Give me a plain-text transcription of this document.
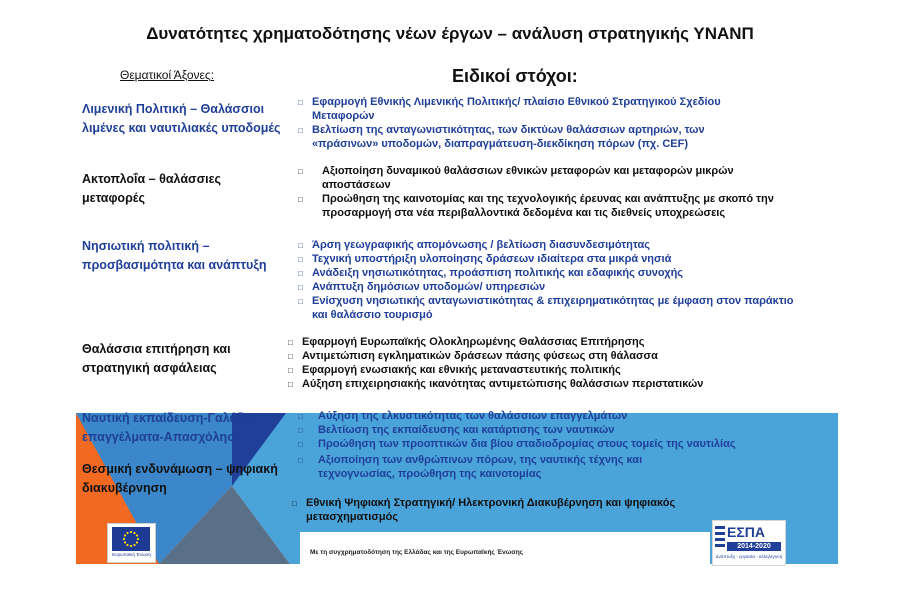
Δυνατότητες χρηματοδότησης νέων έργων – ανάλυση στρατηγικής ΥΝΑΝΠ
Θεματικοί Άξονες:	Ειδικοί στόχοι:
Λιμενική Πολιτική – Θαλάσσιοι λιμένες και ναυτιλιακές υποδομές
Ακτοπλοΐα – θαλάσσιες μεταφορές
Νησιωτική πολιτική – προσβασιμότητα και ανάπτυξη
Θαλάσσια επιτήρηση και στρατηγική ασφάλειας
Ναυτική εκπαίδευση-Γαλάζια επαγγέλματα-Απασχόληση
Θεσμική ενδυνάμωση – ψηφιακή διακυβέρνηση
□
Εφαρμογή Εθνικής Λιμενικής Πολιτικής/ πλαίσιο Εθνικού Στρατηγικού Σχεδίου Μεταφορών
□
Βελτίωση της ανταγωνιστικότητας, των δικτύων θαλάσσιων αρτηριών, των «πράσινων» υποδομών, διαπραγμάτευση-διεκδίκηση πόρων (πχ. CEF)
□
Αξιοποίηση δυναμικού θαλάσσιων εθνικών μεταφορών και μεταφορών μικρών αποστάσεων
□
Προώθηση της καινοτομίας και της τεχνολογικής έρευνας και ανάπτυξης με σκοπό την προσαρμογή στα νέα περιβαλλοντικά δεδομένα και τις διεθνείς υποχρεώσεις
□
Άρση γεωγραφικής απομόνωσης / βελτίωση διασυνδεσιμότητας
□
Τεχνική υποστήριξη υλοποίησης δράσεων ιδιαίτερα στα μικρά νησιά
□
Ανάδειξη νησιωτικότητας, προάσπιση πολιτικής και εδαφικής συνοχής
□
Ανάπτυξη δημόσιων υποδομών/ υπηρεσιών
□
Ενίσχυση νησιωτικής ανταγωνιστικότητας & επιχειρηματικότητας με έμφαση στον παράκτιο και θαλάσσιο τουρισμό
□
Εφαρμογή Ευρωπαϊκής Ολοκληρωμένης Θαλάσσιας Επιτήρησης
□
Αντιμετώπιση εγκληματικών δράσεων πάσης φύσεως στη θάλασσα
□
Εφαρμογή ενωσιακής και εθνικής μεταναστευτικής πολιτικής
□
Αύξηση επιχειρησιακής ικανότητας αντιμετώπισης θαλάσσιων περιστατικών
□
Αύξηση της ελκυστικότητας των θαλάσσιων επαγγελμάτων
□
Βελτίωση της εκπαίδευσης και κατάρτισης των ναυτικών
□
Προώθηση των προοπτικών δια βίου σταδιοδρομίας στους τομείς της ναυτιλίας
□
Αξιοποίηση των ανθρώπινων πόρων, της ναυτικής τέχνης και τεχνογνωσίας, προώθηση της καινοτομίας
□
Εθνική Ψηφιακή Στρατηγική/ Ηλεκτρονική Διακυβέρνηση και ψηφιακός μετασχηματισμός
Ευρωπαϊκή Ένωση	Με τη συγχρηματοδότηση της Ελλάδας και της Ευρωπαϊκής Ένωσης
ΕΣΠΑ
2014-2020
ανάπτυξη - εργασία - αλληλεγγύη
